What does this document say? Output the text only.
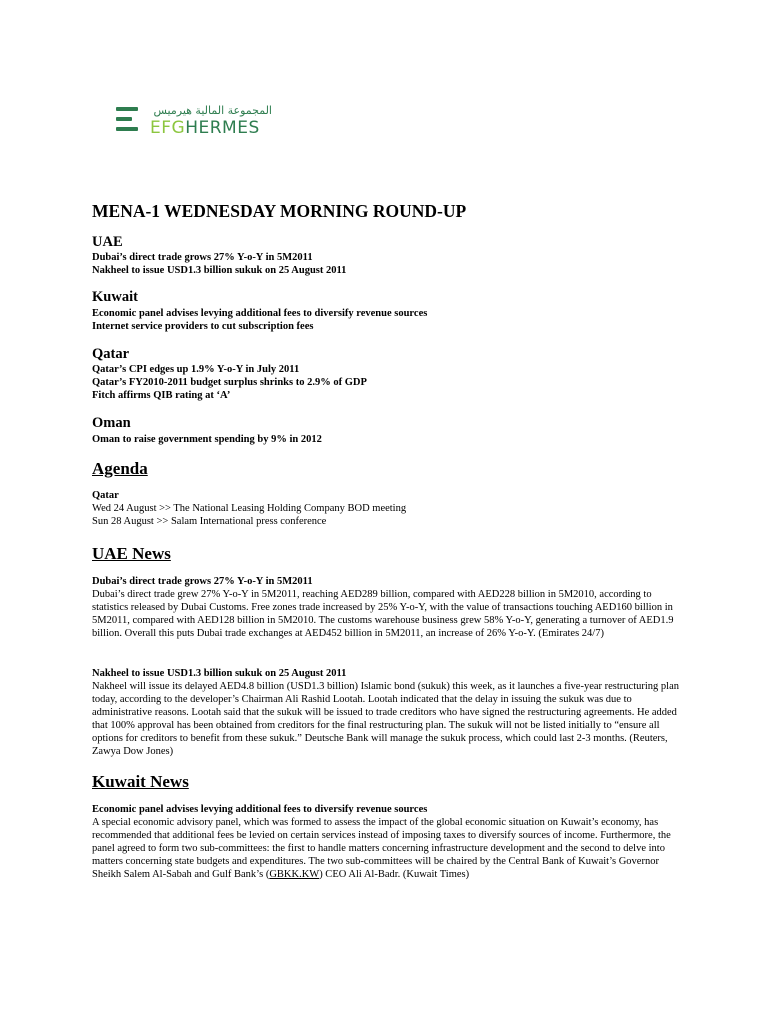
المجموعة المالية هيرميس
EFGHERMES
MENA-1 WEDNESDAY MORNING ROUND-UP
UAE
Dubai’s direct trade grows 27% Y-o-Y in 5M2011
Nakheel to issue USD1.3 billion sukuk on 25 August 2011
Kuwait
Economic panel advises levying additional fees to diversify revenue sources
Internet service providers to cut subscription fees
Qatar
Qatar’s CPI edges up 1.9% Y-o-Y in July 2011
Qatar’s FY2010-2011 budget surplus shrinks to 2.9% of GDP
Fitch affirms QIB rating at ‘A’
Oman
Oman to raise government spending by 9% in 2012
Agenda
Qatar
Wed 24 August >> The National Leasing Holding Company BOD meeting
Sun 28 August >> Salam International press conference
UAE News

Dubai’s direct trade grows 27% Y-o-Y in 5M2011

Dubai’s direct trade grew 27% Y-o-Y in 5M2011, reaching AED289 billion, compared with AED228 billion in 5M2010, according to statistics released by Dubai Customs. Free zones trade increased by 25% Y-o-Y, with the value of transactions touching AED160 billion in 5M2011, compared with AED128 billion in 5M2010. The customs warehouse business grew 58% Y-o-Y, generating a turnover of AED1.9 billion. Overall this puts Dubai trade exchanges at AED452 billion in 5M2011, an increase of 26% Y-o-Y. (Emirates 24/7)

Nakheel to issue USD1.3 billion sukuk on 25 August 2011

Nakheel will issue its delayed AED4.8 billion (USD1.3 billion) Islamic bond (sukuk) this week, as it launches a five-year restructuring plan today, according to the developer’s Chairman Ali Rashid Lootah. Lootah indicated that the delay in issuing the sukuk was due to administrative reasons. Lootah said that the sukuk will be issued to trade creditors who have signed the restructuring agreements. He added that 100% approval has been obtained from creditors for the final restructuring plan. The sukuk will not be listed initially to “ensure all options for creditors to benefit from these sukuk.” Deutsche Bank will manage the sukuk process, which could last 2-3 months. (Reuters, Zawya Dow Jones)

Kuwait News

Economic panel advises levying additional fees to diversify revenue sources

A special economic advisory panel, which was formed to assess the impact of the global economic situation on Kuwait’s economy, has recommended that additional fees be levied on certain services instead of imposing taxes to diversify sources of income. Furthermore, the panel agreed to form two sub-committees: the first to handle matters concerning infrastructure development and the second to delve into matters concerning state budgets and expenditures. The two sub-committees will be chaired by the Central Bank of Kuwait’s Governor Sheikh Salem Al-Sabah and Gulf Bank’s (GBKK.KW) CEO Ali Al-Badr. (Kuwait Times)
